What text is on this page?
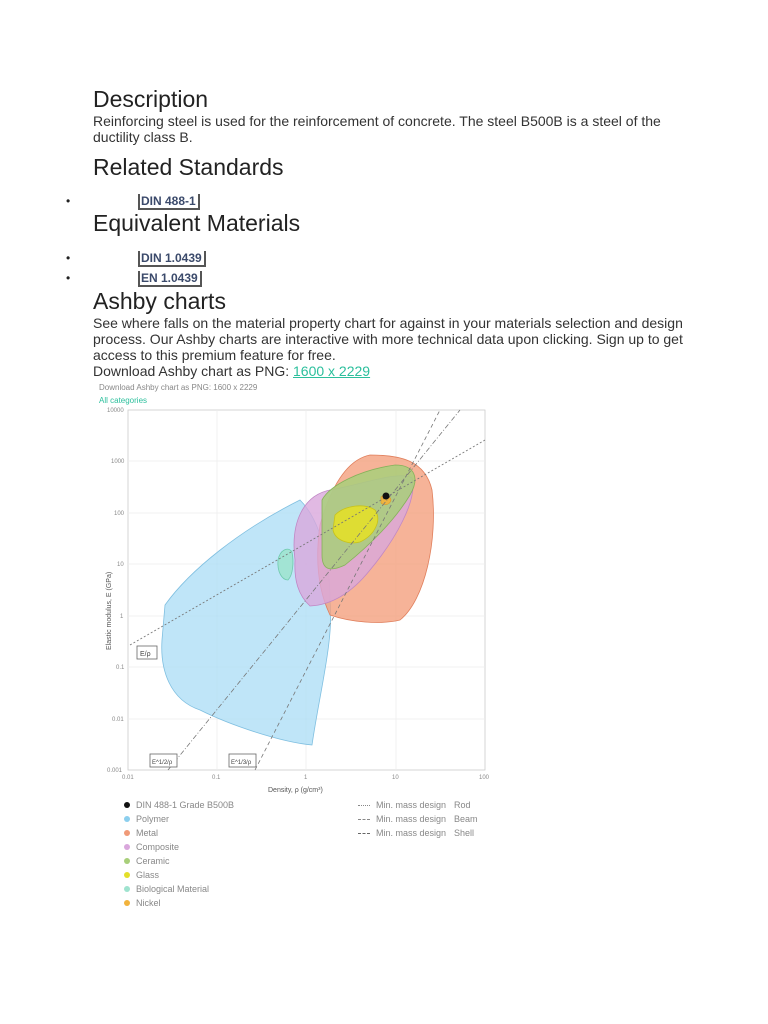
Description
Reinforcing steel is used for the reinforcement of concrete. The steel B500B is a steel of the ductility class B.
Related Standards
•	DIN 488-1
Equivalent Materials
•	DIN 1.0439
•	EN 1.0439
Ashby charts
See where falls on the material property chart for against in your materials selection and design process. Our Ashby charts are interactive with more technical data upon clicking. Sign up to get access to this premium feature for free.
Download Ashby chart as PNG: 1600 x 2229
Download Ashby chart as PNG: 1600 x 2229
All categories
E/ρ
E^1/2/ρ	E^1/3/ρ
10000
1000
100
10
1
0.1
0.01
0.001
0.01	0.1	1	10	100
Density, ρ (g/cm³)
Elastic modulus, E (GPa)
DIN 488-1 Grade B500B
Polymer
Metal
Composite
Ceramic
Glass
Biological Material
Nickel
Min. mass design Rod
Min. mass design Beam
Min. mass design Shell
